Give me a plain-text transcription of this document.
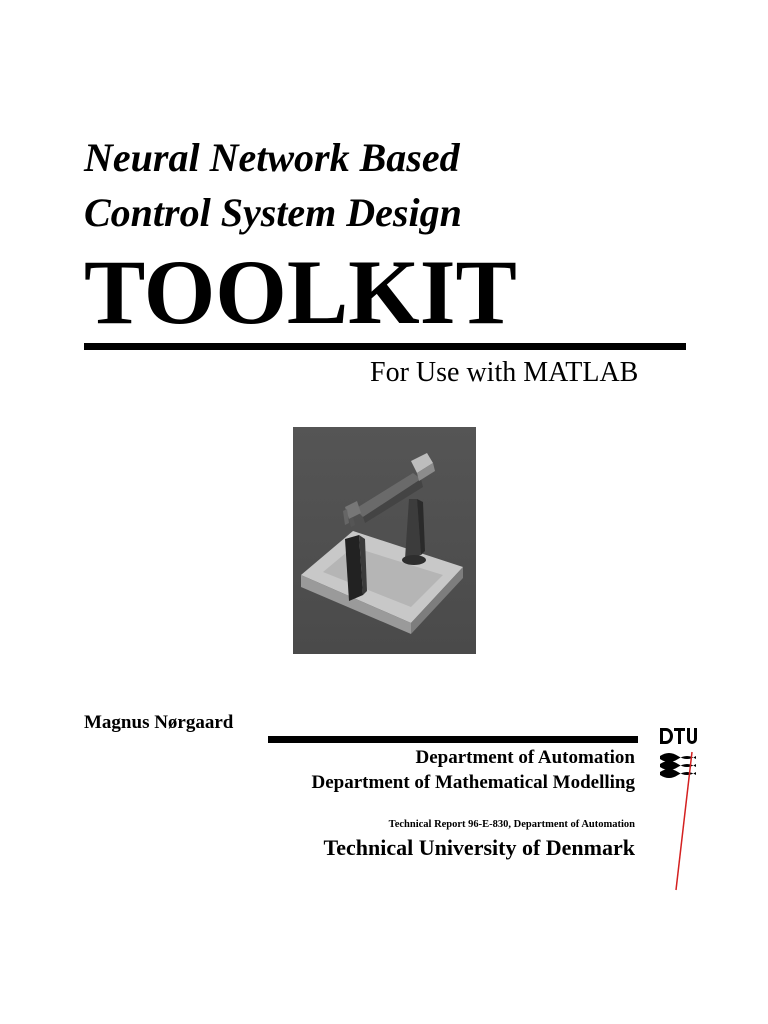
Neural Network Based
Control System Design
TOOLKIT
For Use with MATLAB
Magnus Nørgaard
Department of Automation
Department of Mathematical Modelling
Technical Report 96-E-830, Department of Automation
Technical University of Denmark
